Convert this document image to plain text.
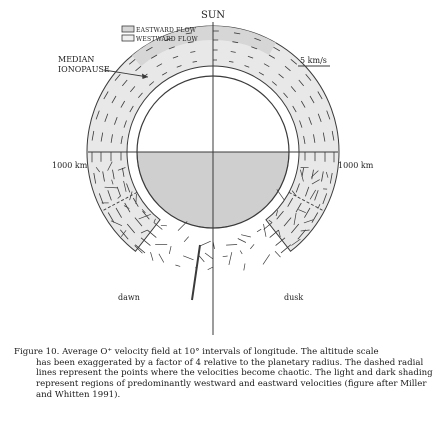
SUN
EASTWARD FLOW
WESTWARD FLOW
MEDIAN
IONOPAUSE
5 km/s
1000 km	1000 km
dawn	dusk

Figure 10. Average O⁺ velocity field at 10° intervals of longitude. The altitude scale
has been exaggerated by a factor of 4 relative to the planetary radius. The dashed radial lines represent the points where the velocities become chaotic. The light and dark shading represent regions of predominantly westward and eastward velocities (figure after Miller and Whitten 1991).
